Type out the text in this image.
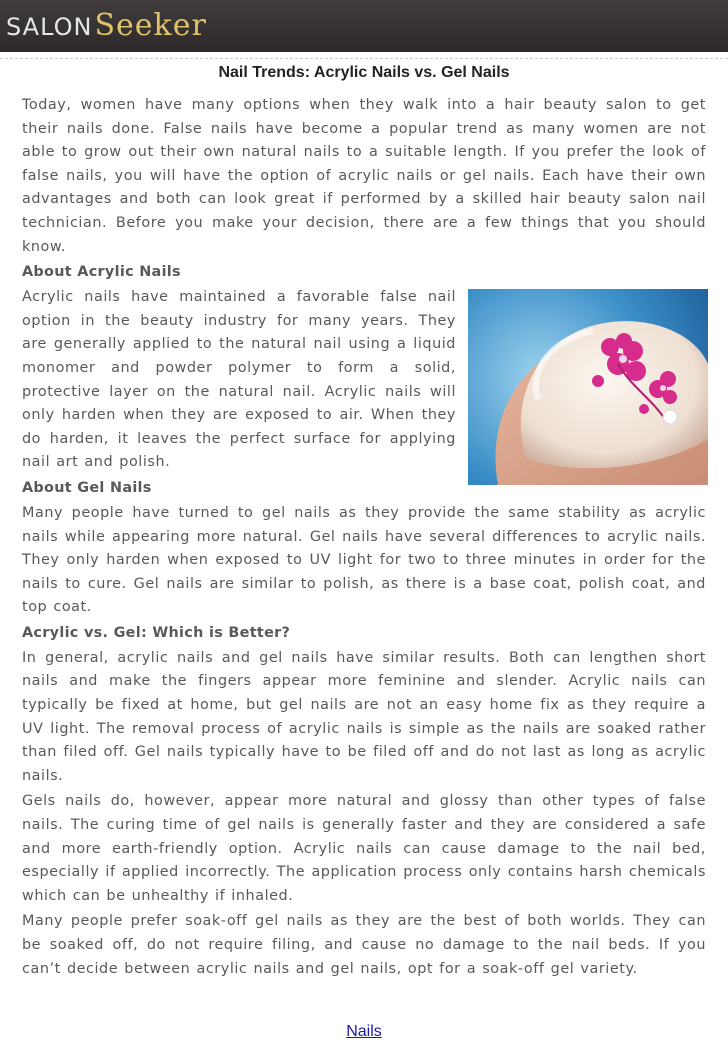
SALON Seeker
Nail Trends: Acrylic Nails vs. Gel Nails

Today, women have many options when they walk into a hair beauty salon to get their nails done. False nails have become a popular trend as many women are not able to grow out their own natural nails to a suitable length. If you prefer the look of false nails, you will have the option of acrylic nails or gel nails. Each have their own advantages and both can look great if performed by a skilled hair beauty salon nail technician. Before you make your decision, there are a few things that you should know.

About Acrylic Nails

Acrylic nails have maintained a favorable false nail option in the beauty industry for many years. They are generally applied to the natural nail using a liquid monomer and powder polymer to form a solid, protective layer on the natural nail. Acrylic nails will only harden when they are exposed to air. When they do harden, it leaves the perfect surface for applying nail art and polish.

About Gel Nails

Many people have turned to gel nails as they provide the same stability as acrylic nails while appearing more natural. Gel nails have several differences to acrylic nails. They only harden when exposed to UV light for two to three minutes in order for the nails to cure. Gel nails are similar to polish, as there is a base coat, polish coat, and top coat.

Acrylic vs. Gel: Which is Better?

In general, acrylic nails and gel nails have similar results. Both can lengthen short nails and make the fingers appear more feminine and slender. Acrylic nails can typically be fixed at home, but gel nails are not an easy home fix as they require a UV light. The removal process of acrylic nails is simple as the nails are soaked rather than filed off. Gel nails typically have to be filed off and do not last as long as acrylic nails.

Gels nails do, however, appear more natural and glossy than other types of false nails. The curing time of gel nails is generally faster and they are considered a safe and more earth-friendly option. Acrylic nails can cause damage to the nail bed, especially if applied incorrectly. The application process only contains harsh chemicals which can be unhealthy if inhaled.

Many people prefer soak-off gel nails as they are the best of both worlds. They can be soaked off, do not require filing, and cause no damage to the nail beds. If you can’t decide between acrylic nails and gel nails, opt for a soak-off gel variety.

Nails
